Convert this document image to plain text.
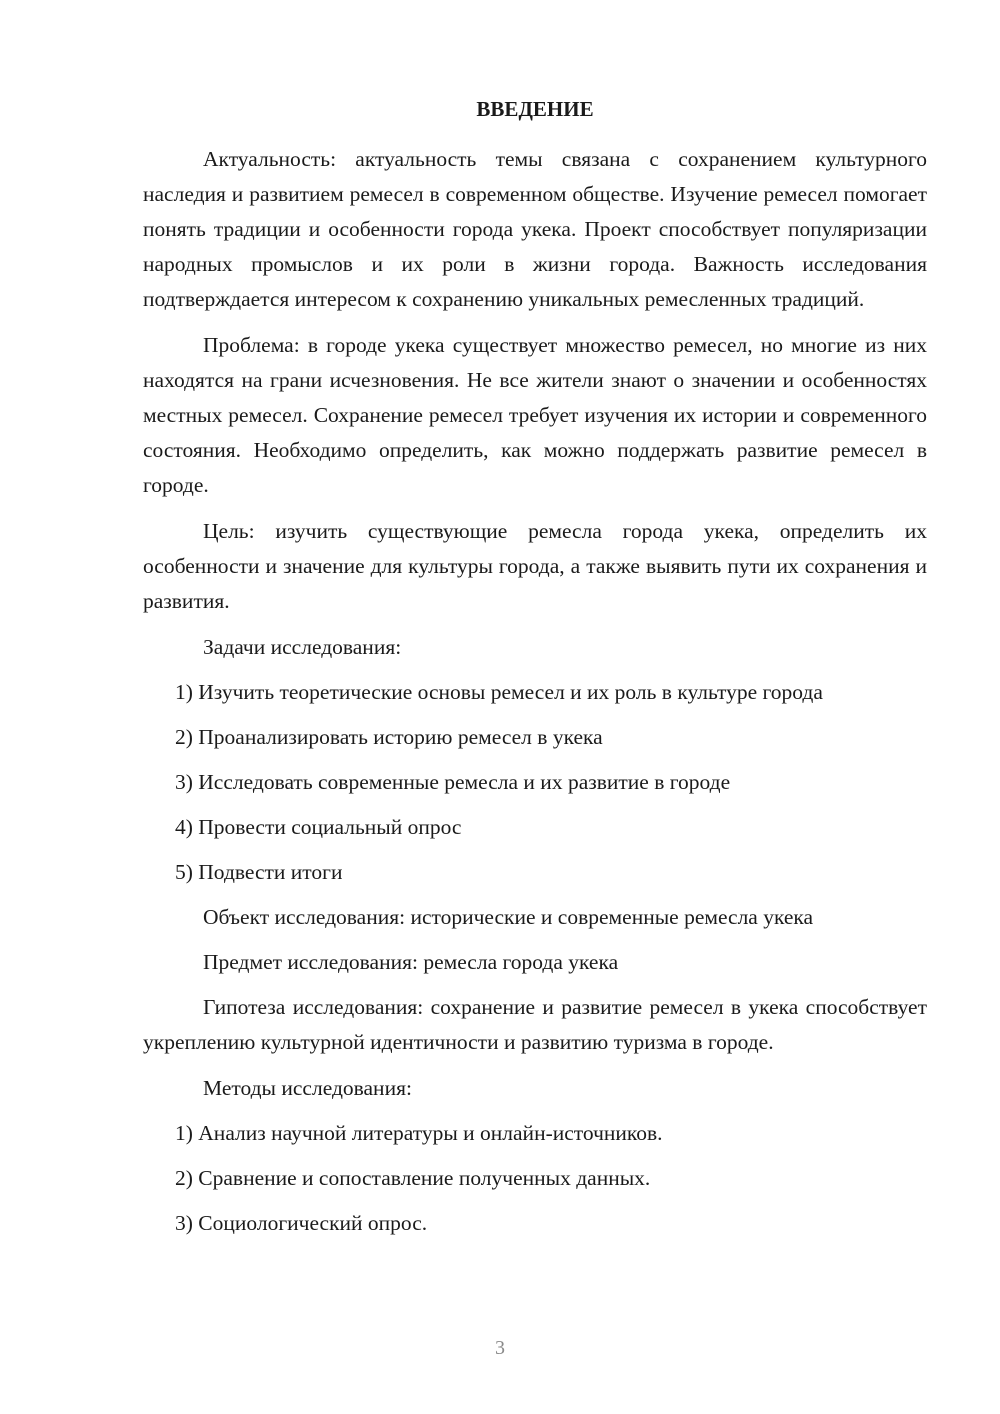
ВВЕДЕНИЕ

Актуальность: актуальность темы связана с сохранением культурного наследия и развитием ремесел в современном обществе. Изучение ремесел помогает понять традиции и особенности города укека. Проект способствует популяризации народных промыслов и их роли в жизни города. Важность исследования подтверждается интересом к сохранению уникальных ремесленных традиций.

Проблема: в городе укека существует множество ремесел, но многие из них находятся на грани исчезновения. Не все жители знают о значении и особенностях местных ремесел. Сохранение ремесел требует изучения их истории и современного состояния. Необходимо определить, как можно поддержать развитие ремесел в городе.

Цель: изучить существующие ремесла города укека, определить их особенности и значение для культуры города, а также выявить пути их сохранения и развития.

Задачи исследования:

1) Изучить теоретические основы ремесел и их роль в культуре города

2) Проанализировать историю ремесел в укека

3) Исследовать современные ремесла и их развитие в городе

4) Провести социальный опрос

5) Подвести итоги

Объект исследования: исторические и современные ремесла укека

Предмет исследования: ремесла города укека

Гипотеза исследования: сохранение и развитие ремесел в укека способствует укреплению культурной идентичности и развитию туризма в городе.

Методы исследования:

1) Анализ научной литературы и онлайн-источников.

2) Сравнение и сопоставление полученных данных.

3) Социологический опрос.

3
